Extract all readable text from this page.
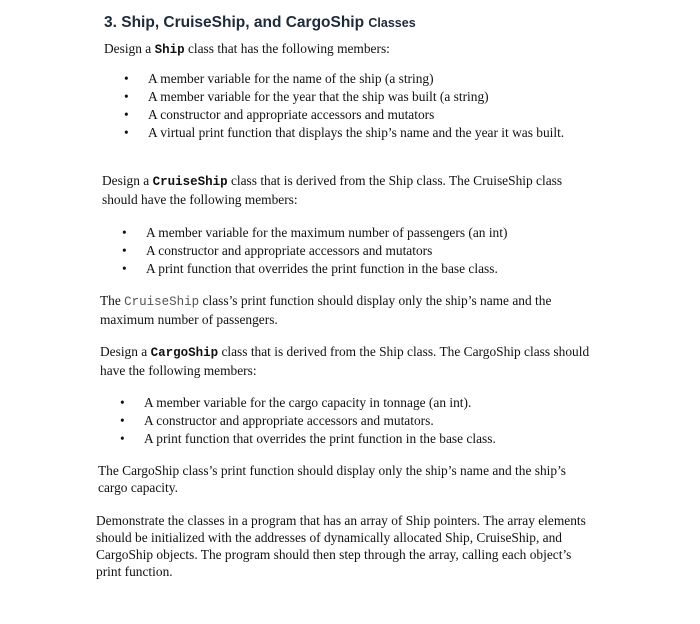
3. Ship, CruiseShip, and CargoShip Classes

Design a Ship class that has the following members:

• A member variable for the name of the ship (a string)
• A member variable for the year that the ship was built (a string)
• A constructor and appropriate accessors and mutators
• A virtual print function that displays the ship’s name and the year it was built.

Design a CruiseShip class that is derived from the Ship class. The CruiseShip class should have the following members:

• A member variable for the maximum number of passengers (an int)
• A constructor and appropriate accessors and mutators
• A print function that overrides the print function in the base class.

The CruiseShip class’s print function should display only the ship’s name and the maximum number of passengers.

Design a CargoShip class that is derived from the Ship class. The CargoShip class should have the following members:

• A member variable for the cargo capacity in tonnage (an int).
• A constructor and appropriate accessors and mutators.
• A print function that overrides the print function in the base class.

The CargoShip class’s print function should display only the ship’s name and the ship’s cargo capacity.

Demonstrate the classes in a program that has an array of Ship pointers. The array elements should be initialized with the addresses of dynamically allocated Ship, CruiseShip, and CargoShip objects. The program should then step through the array, calling each object’s print function.
